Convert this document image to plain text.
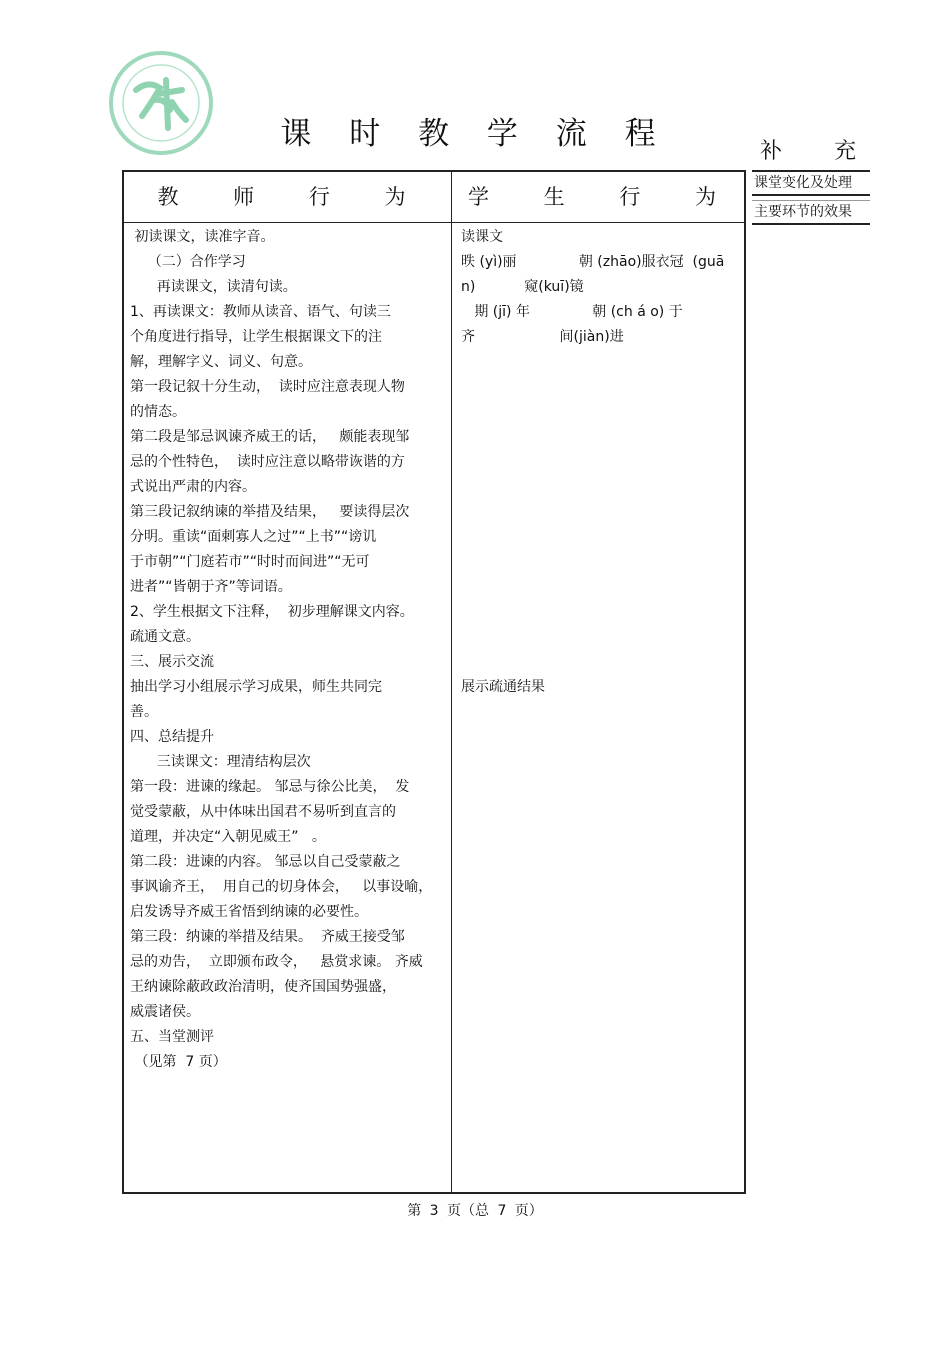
课 时 教 学 流 程	补 充
教 师 行 为	学 生 行 为
初读课文，读准字音。
（二）合作学习
再读课文，读清句读。
1、再读课文：教师从读音、语气、句读三
个角度进行指导，让学生根据课文下的注
解，理解字义、词义、句意。
第一段记叙十分生动，  读时应注意表现人物
的情态。
第二段是邹忌讽谏齐威王的话，   颇能表现邹
忌的个性特色，  读时应注意以略带诙谐的方
式说出严肃的内容。
第三段记叙纳谏的举措及结果，   要读得层次
分明。重读“面刺寡人之过”“上书”“谤讥
于市朝”“门庭若市”“时时而间进”“无可
进者”“皆朝于齐”等词语。
2、学生根据文下注释，  初步理解课文内容。
疏通文意。
三、展示交流
抽出学习小组展示学习成果，师生共同完
善。
四、总结提升
三读课文：理清结构层次
第一段：进谏的缘起。 邹忌与徐公比美，  发
觉受蒙蔽，从中体味出国君不易听到直言的
道理，并决定“入朝见威王”   。
第二段：进谏的内容。 邹忌以自己受蒙蔽之
事讽谕齐王，  用自己的切身体会，   以事设喻，
启发诱导齐威王省悟到纳谏的必要性。
第三段：纳谏的举措及结果。  齐威王接受邹
忌的劝告，  立即颁布政令，   悬赏求谏。 齐威
王纳谏除蔽政政治清明，使齐国国势强盛，
威震诸侯。
五、当堂测评
（见第  7 页）
读课文
昳 (yì)丽              朝 (zhāo)服衣冠  (guā
n)           窥(kuī)镜
期 (jī) 年              朝 (ch á o) 于
齐                   间(jiàn)进

展示疏通结果
课堂变化及处理
主要环节的效果
第 3 页（总 7 页）
